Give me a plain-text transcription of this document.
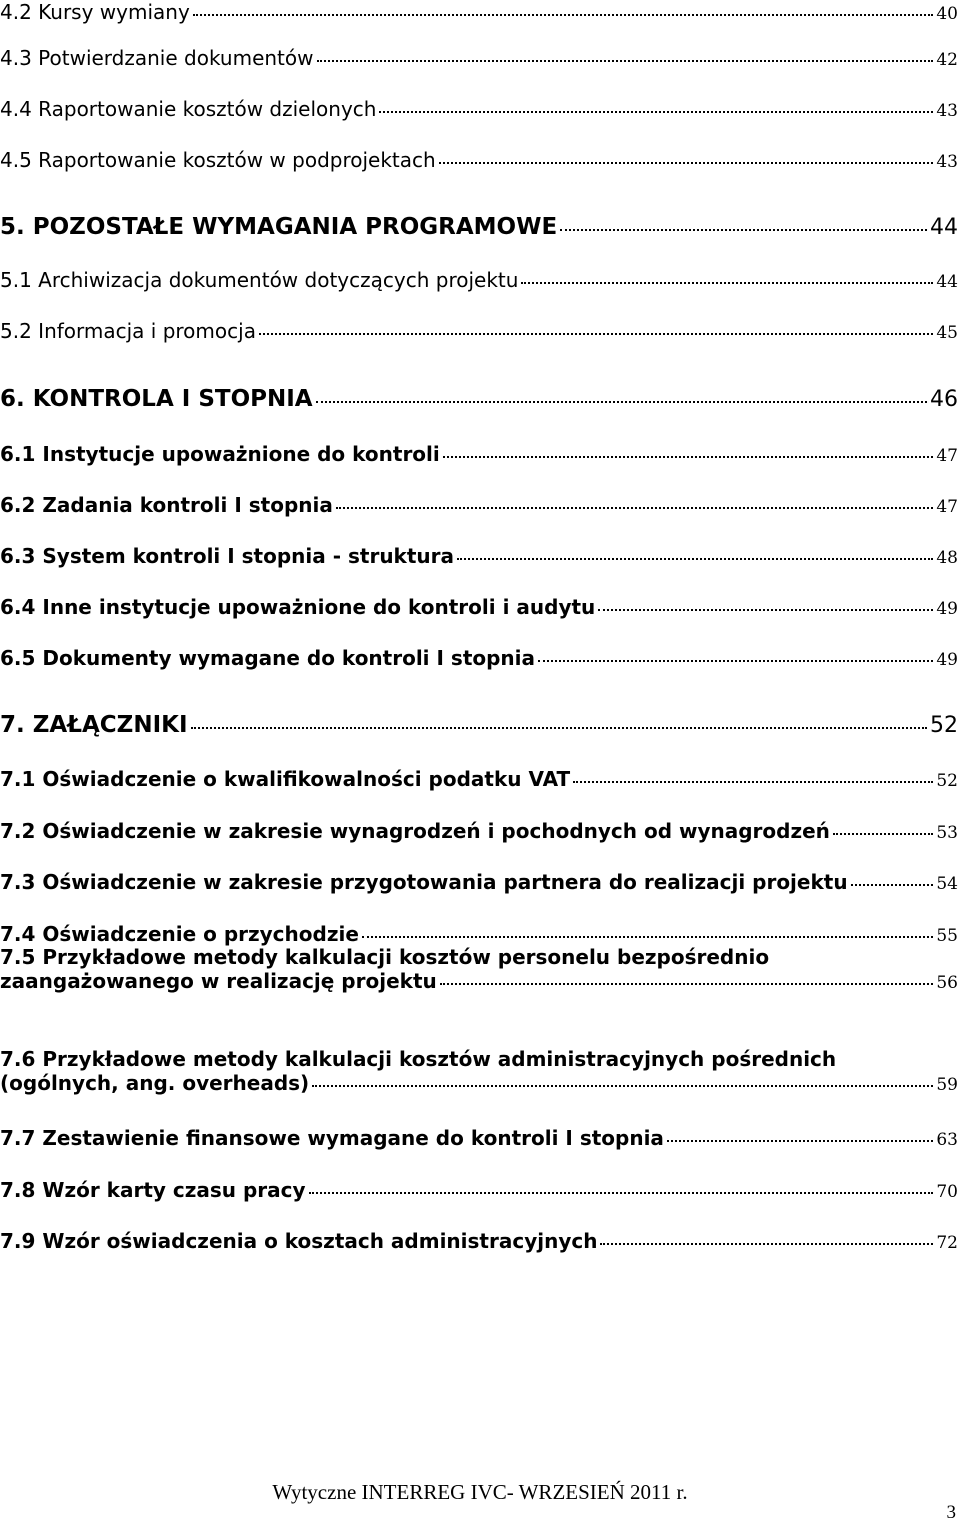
4.2 Kursy wymiany	40
4.3 Potwierdzanie dokumentów	42
4.4 Raportowanie kosztów dzielonych	43
4.5 Raportowanie kosztów w podprojektach	43
5. POZOSTAŁE WYMAGANIA PROGRAMOWE	44
5.1 Archiwizacja dokumentów dotyczących projektu	44
5.2 Informacja i promocja	45
6. KONTROLA I STOPNIA	46
6.1 Instytucje upoważnione do kontroli	47
6.2 Zadania kontroli I stopnia	47
6.3 System kontroli I stopnia - struktura	48
6.4 Inne instytucje upoważnione do kontroli i audytu	49
6.5 Dokumenty wymagane do kontroli I stopnia	49
7. ZAŁĄCZNIKI	52
7.1 Oświadczenie o kwalifikowalności podatku VAT	52
7.2 Oświadczenie w zakresie wynagrodzeń i pochodnych od wynagrodzeń	53
7.3 Oświadczenie w zakresie przygotowania partnera do realizacji projektu	54
7.4 Oświadczenie o przychodzie	55
7.5 Przykładowe metody kalkulacji kosztów personelu bezpośrednio
zaangażowanego w realizację projektu	56
7.6 Przykładowe metody kalkulacji kosztów administracyjnych pośrednich
(ogólnych, ang. overheads)	59
7.7 Zestawienie finansowe wymagane do kontroli I stopnia	63
7.8 Wzór karty czasu pracy	70
7.9 Wzór oświadczenia o kosztach administracyjnych	72
Wytyczne INTERREG IVC- WRZESIEŃ 2011 r.
3
